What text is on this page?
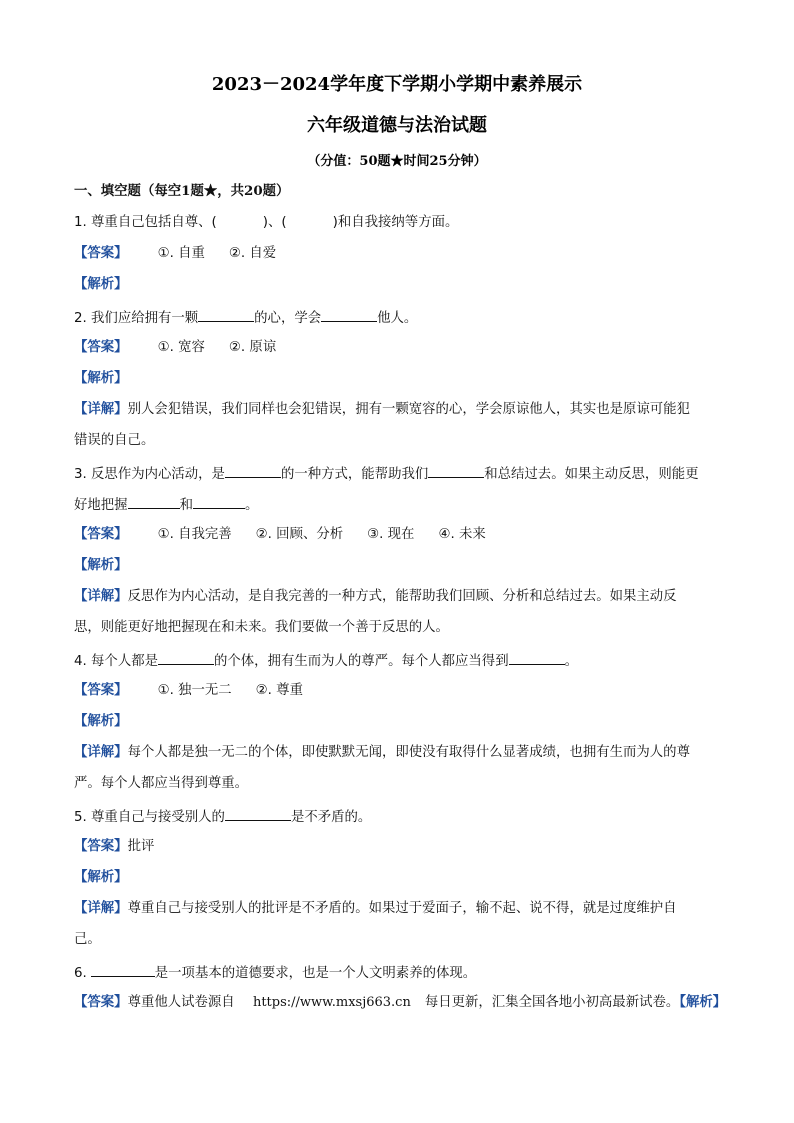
2023－2024学年度下学期小学期中素养展示
六年级道德与法治试题
（分值：50题★时间25分钟）
一、填空题（每空1题★，共20题）
1. 尊重自己包括自尊、(	)、(	)和自我接纳等方面。
【答案】 ①. 自重 ②. 自爱
【解析】
2. 我们应给拥有一颗	的心，学会	他人。
【答案】 ①. 宽容 ②. 原谅
【解析】
【详解】别人会犯错误，我们同样也会犯错误，拥有一颗宽容的心，学会原谅他人，其实也是原谅可能犯
错误的自己。
3. 反思作为内心活动，是	的一种方式，能帮助我们	和总结过去。如果主动反思，则能更
好地把握	和	。
【答案】 ①. 自我完善 ②. 回顾、分析 ③. 现在 ④. 未来
【解析】
【详解】反思作为内心活动，是自我完善的一种方式，能帮助我们回顾、分析和总结过去。如果主动反
思，则能更好地把握现在和未来。我们要做一个善于反思的人。
4. 每个人都是	的个体，拥有生而为人的尊严。每个人都应当得到	。
【答案】 ①. 独一无二 ②. 尊重
【解析】
【详解】每个人都是独一无二的个体，即使默默无闻，即使没有取得什么显著成绩，也拥有生而为人的尊
严。每个人都应当得到尊重。
5. 尊重自己与接受别人的	是不矛盾的。
【答案】批评
【解析】
【详解】尊重自己与接受别人的批评是不矛盾的。如果过于爱面子，输不起、说不得，就是过度维护自
己。
6.	是一项基本的道德要求，也是一个人文明素养的体现。
【答案】尊重他人试卷源自 https://www.mxsj663.cn 每日更新，汇集全国各地小初高最新试卷。【解析】
